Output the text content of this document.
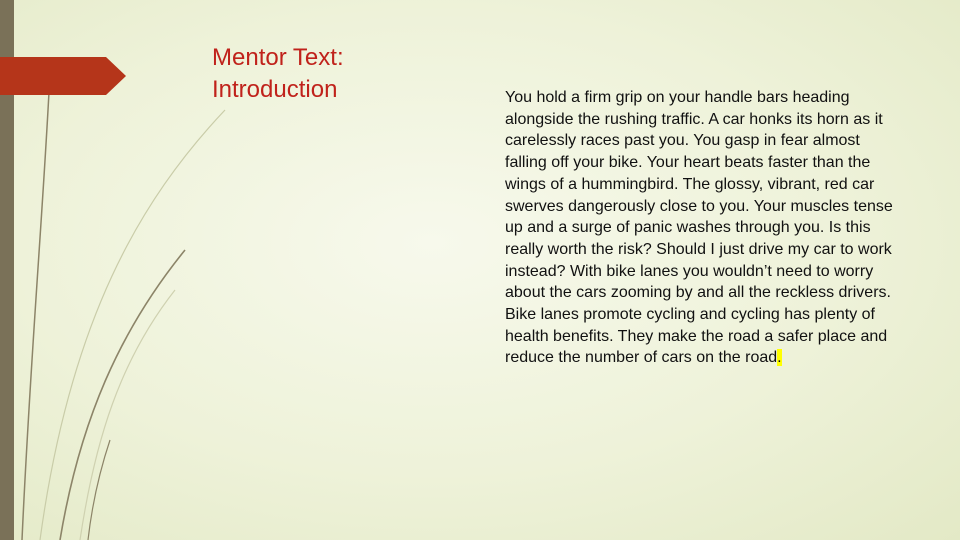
Mentor Text:
Introduction	You hold a firm grip on your handle bars heading alongside the rushing traffic. A car honks its horn as it carelessly races past you. You gasp in fear almost falling off your bike. Your heart beats faster than the wings of a hummingbird. The glossy, vibrant, red car swerves dangerously close to you. Your muscles tense up and a surge of panic washes through you. Is this really worth the risk? Should I just drive my car to work instead? With bike lanes you wouldn’t need to worry about the cars zooming by and all the reckless drivers. Bike lanes promote cycling and cycling has plenty of health benefits. They make the road a safer place and reduce the number of cars on the road.
